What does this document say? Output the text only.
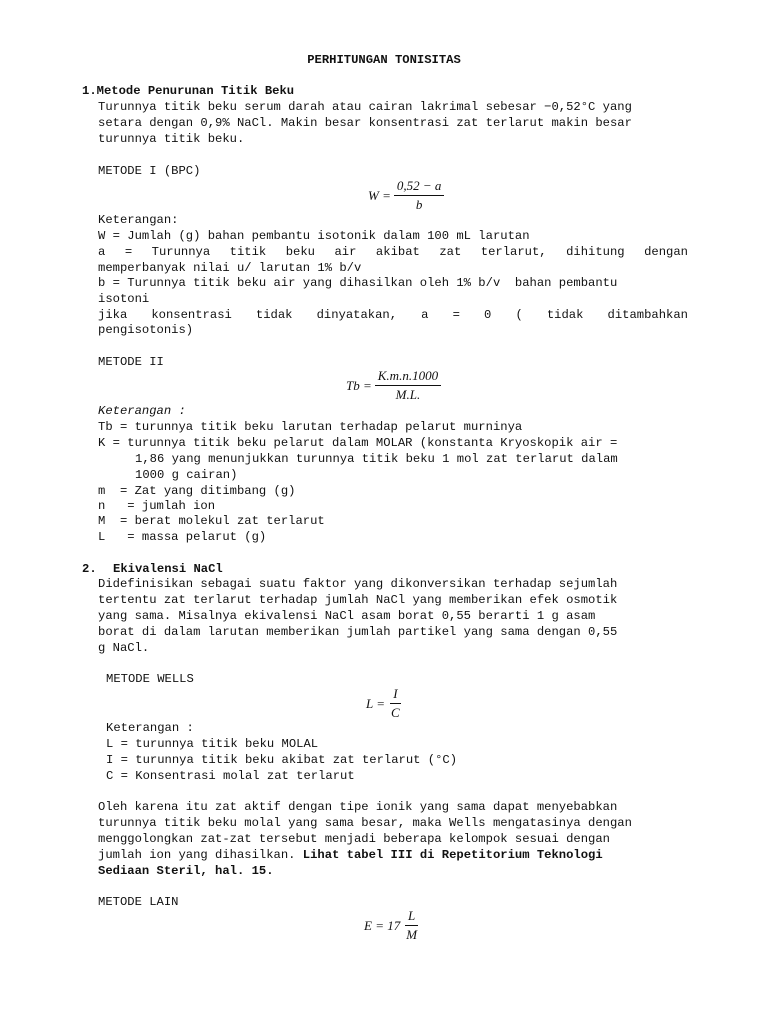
PERHITUNGAN TONISITAS
1.Metode Penurunan Titik Beku
Turunnya titik beku serum darah atau cairan lakrimal sebesar −0,52°C yang
setara dengan 0,9% NaCl. Makin besar konsentrasi zat terlarut makin besar
turunnya titik beku.
METODE I (BPC)
$W = \frac{0,52 - a}{b}$
Keterangan:
W = Jumlah (g) bahan pembantu isotonik dalam 100 mL larutan
a = Turunnya titik beku air akibat zat terlarut, dihitung dengan
memperbanyak nilai u/ larutan 1% b/v
b = Turunnya titik beku air yang dihasilkan oleh 1% b/v  bahan pembantu
isotoni
jika konsentrasi tidak dinyatakan, a = 0 ( tidak ditambahkan
pengisotonis)
METODE II
$Tb = \frac{K.m.n.1000}{M.L.}$
Keterangan :
Tb = turunnya titik beku larutan terhadap pelarut murninya
K = turunnya titik beku pelarut dalam MOLAR (konstanta Kryoskopik air =
1,86 yang menunjukkan turunnya titik beku 1 mol zat terlarut dalam
1000 g cairan)
m  = Zat yang ditimbang (g)
n   = jumlah ion
M  = berat molekul zat terlarut
L   = massa pelarut (g)
2. Ekivalensi NaCl
Didefinisikan sebagai suatu faktor yang dikonversikan terhadap sejumlah
tertentu zat terlarut terhadap jumlah NaCl yang memberikan efek osmotik
yang sama. Misalnya ekivalensi NaCl asam borat 0,55 berarti 1 g asam
borat di dalam larutan memberikan jumlah partikel yang sama dengan 0,55
g NaCl.
METODE WELLS
$L = \frac{I}{C}$
Keterangan :
L = turunnya titik beku MOLAL
I = turunnya titik beku akibat zat terlarut (°C)
C = Konsentrasi molal zat terlarut
Oleh karena itu zat aktif dengan tipe ionik yang sama dapat menyebabkan
turunnya titik beku molal yang sama besar, maka Wells mengatasinya dengan
menggolongkan zat-zat tersebut menjadi beberapa kelompok sesuai dengan
jumlah ion yang dihasilkan. Lihat tabel III di Repetitorium Teknologi
Sediaan Steril, hal. 15.
METODE LAIN
$E = 17 \frac{L}{M}$
